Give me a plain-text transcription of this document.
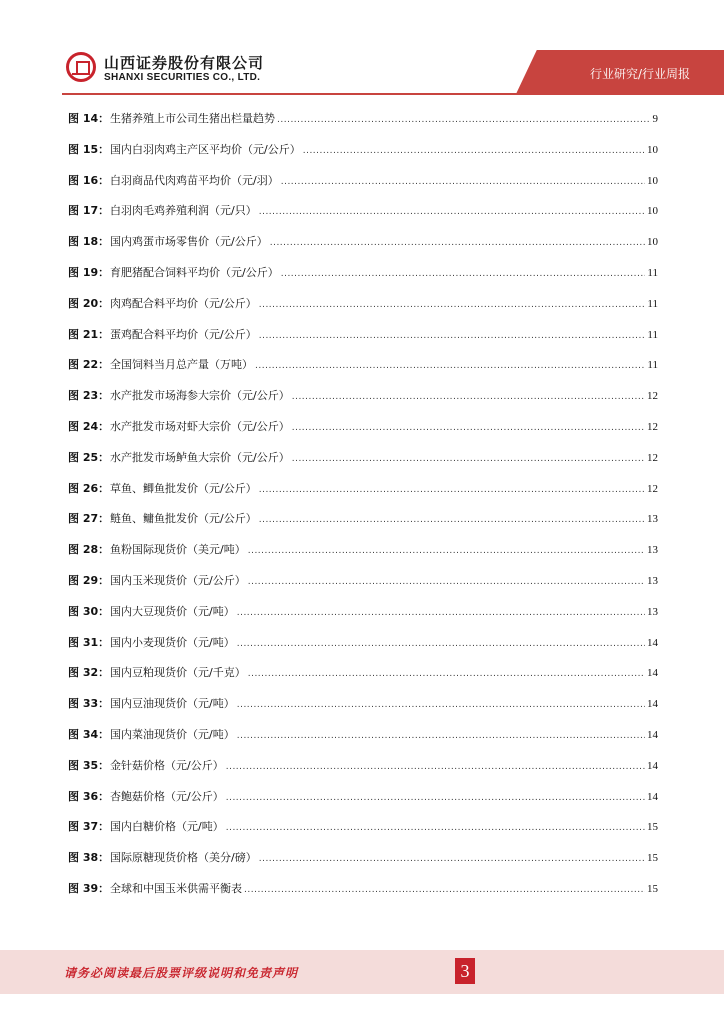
山西证券股份有限公司
SHANXI SECURITIES CO., LTD.	行业研究/行业周报
图 14： 生猪养殖上市公司生猪出栏量趋势 .....	9
图 15： 国内白羽肉鸡主产区平均价（元/公斤） .....	10
图 16： 白羽商品代肉鸡苗平均价（元/羽） .....	10
图 17： 白羽肉毛鸡养殖利润（元/只） .....	10
图 18： 国内鸡蛋市场零售价（元/公斤） .....	10
图 19： 育肥猪配合饲料平均价（元/公斤） .....	11
图 20： 肉鸡配合料平均价（元/公斤） .....	11
图 21： 蛋鸡配合料平均价（元/公斤） .....	11
图 22： 全国饲料当月总产量（万吨） .....	11
图 23： 水产批发市场海参大宗价（元/公斤） .....	12
图 24： 水产批发市场对虾大宗价（元/公斤） .....	12
图 25： 水产批发市场鲈鱼大宗价（元/公斤） .....	12
图 26： 草鱼、鲫鱼批发价（元/公斤） .....	12
图 27： 鲢鱼、鳙鱼批发价（元/公斤） .....	13
图 28： 鱼粉国际现货价（美元/吨） .....	13
图 29： 国内玉米现货价（元/公斤） .....	13
图 30： 国内大豆现货价（元/吨） .....	13
图 31： 国内小麦现货价（元/吨） .....	14
图 32： 国内豆粕现货价（元/千克） .....	14
图 33： 国内豆油现货价（元/吨） .....	14
图 34： 国内菜油现货价（元/吨） .....	14
图 35： 金针菇价格（元/公斤） .....	14
图 36： 杏鲍菇价格（元/公斤） .....	14
图 37： 国内白糖价格（元/吨） .....	15
图 38： 国际原糖现货价格（美分/磅） .....	15
图 39： 全球和中国玉米供需平衡表 .....	15
请务必阅读最后股票评级说明和免责声明	3
